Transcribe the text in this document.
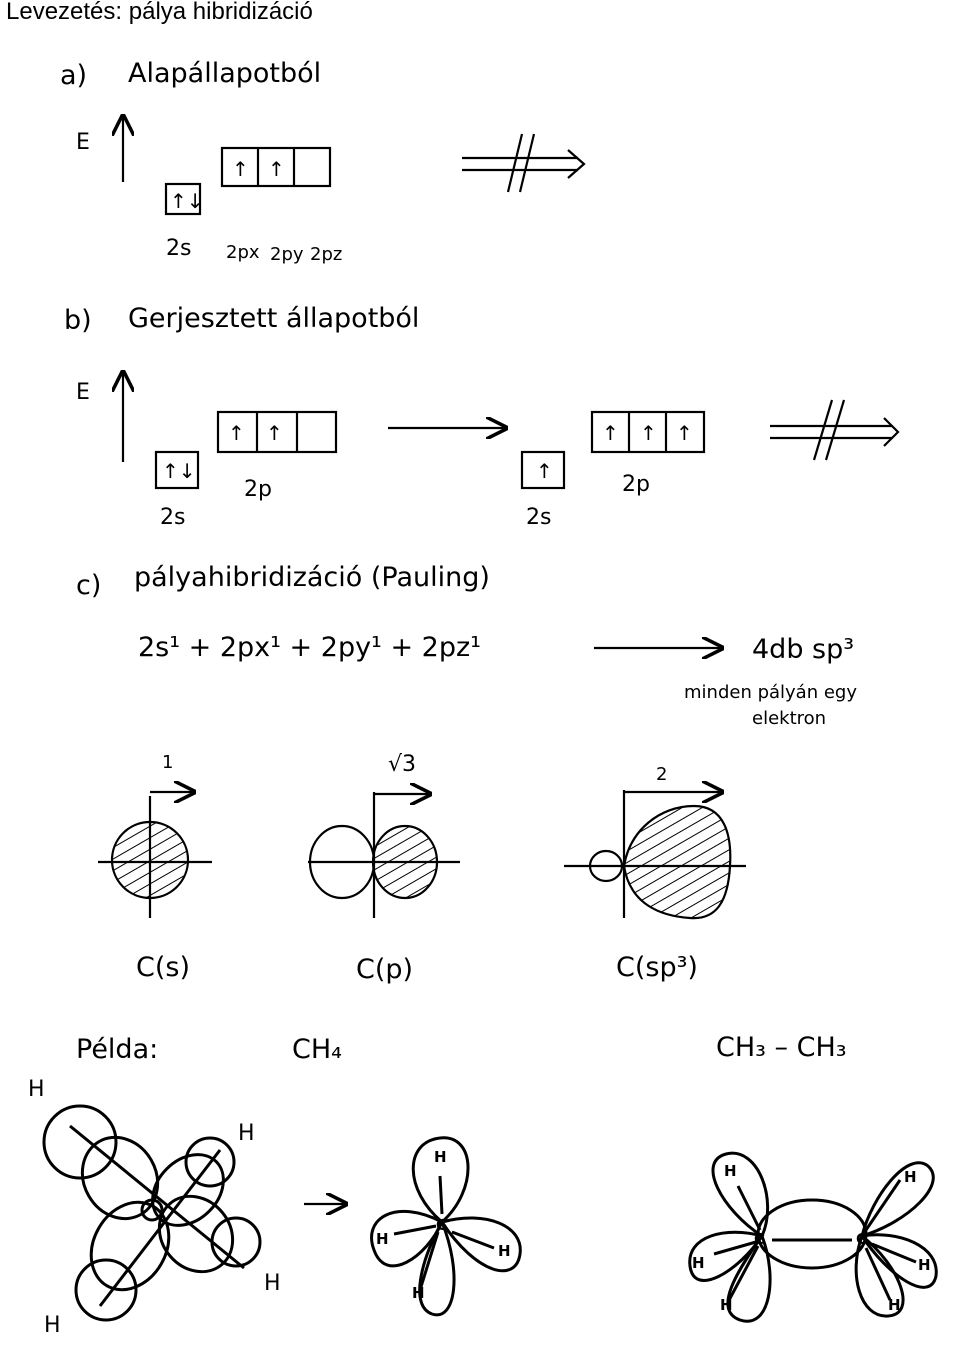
Levezetés: pálya hibridizáció
a) Alapállapotból
E
2s 2px 2py 2pz
b) Gerjesztett állapotból
E
2s
2p
2s
2p
c) pályahibridizáció (Pauling)
2s¹ + 2px¹ + 2py¹ + 2pz¹	4db sp³
minden pályán egy
elektron
1	√3	2
C(s)	C(p)	C(sp³)
Példa:	CH₄	CH₃ – CH₃
↑↓
↑ ↑
↑↓
↑ ↑
↑
↑ ↑ ↑
H
H
H
H
H
H
H
H
C
H
H
H
H
H
H
C	C
